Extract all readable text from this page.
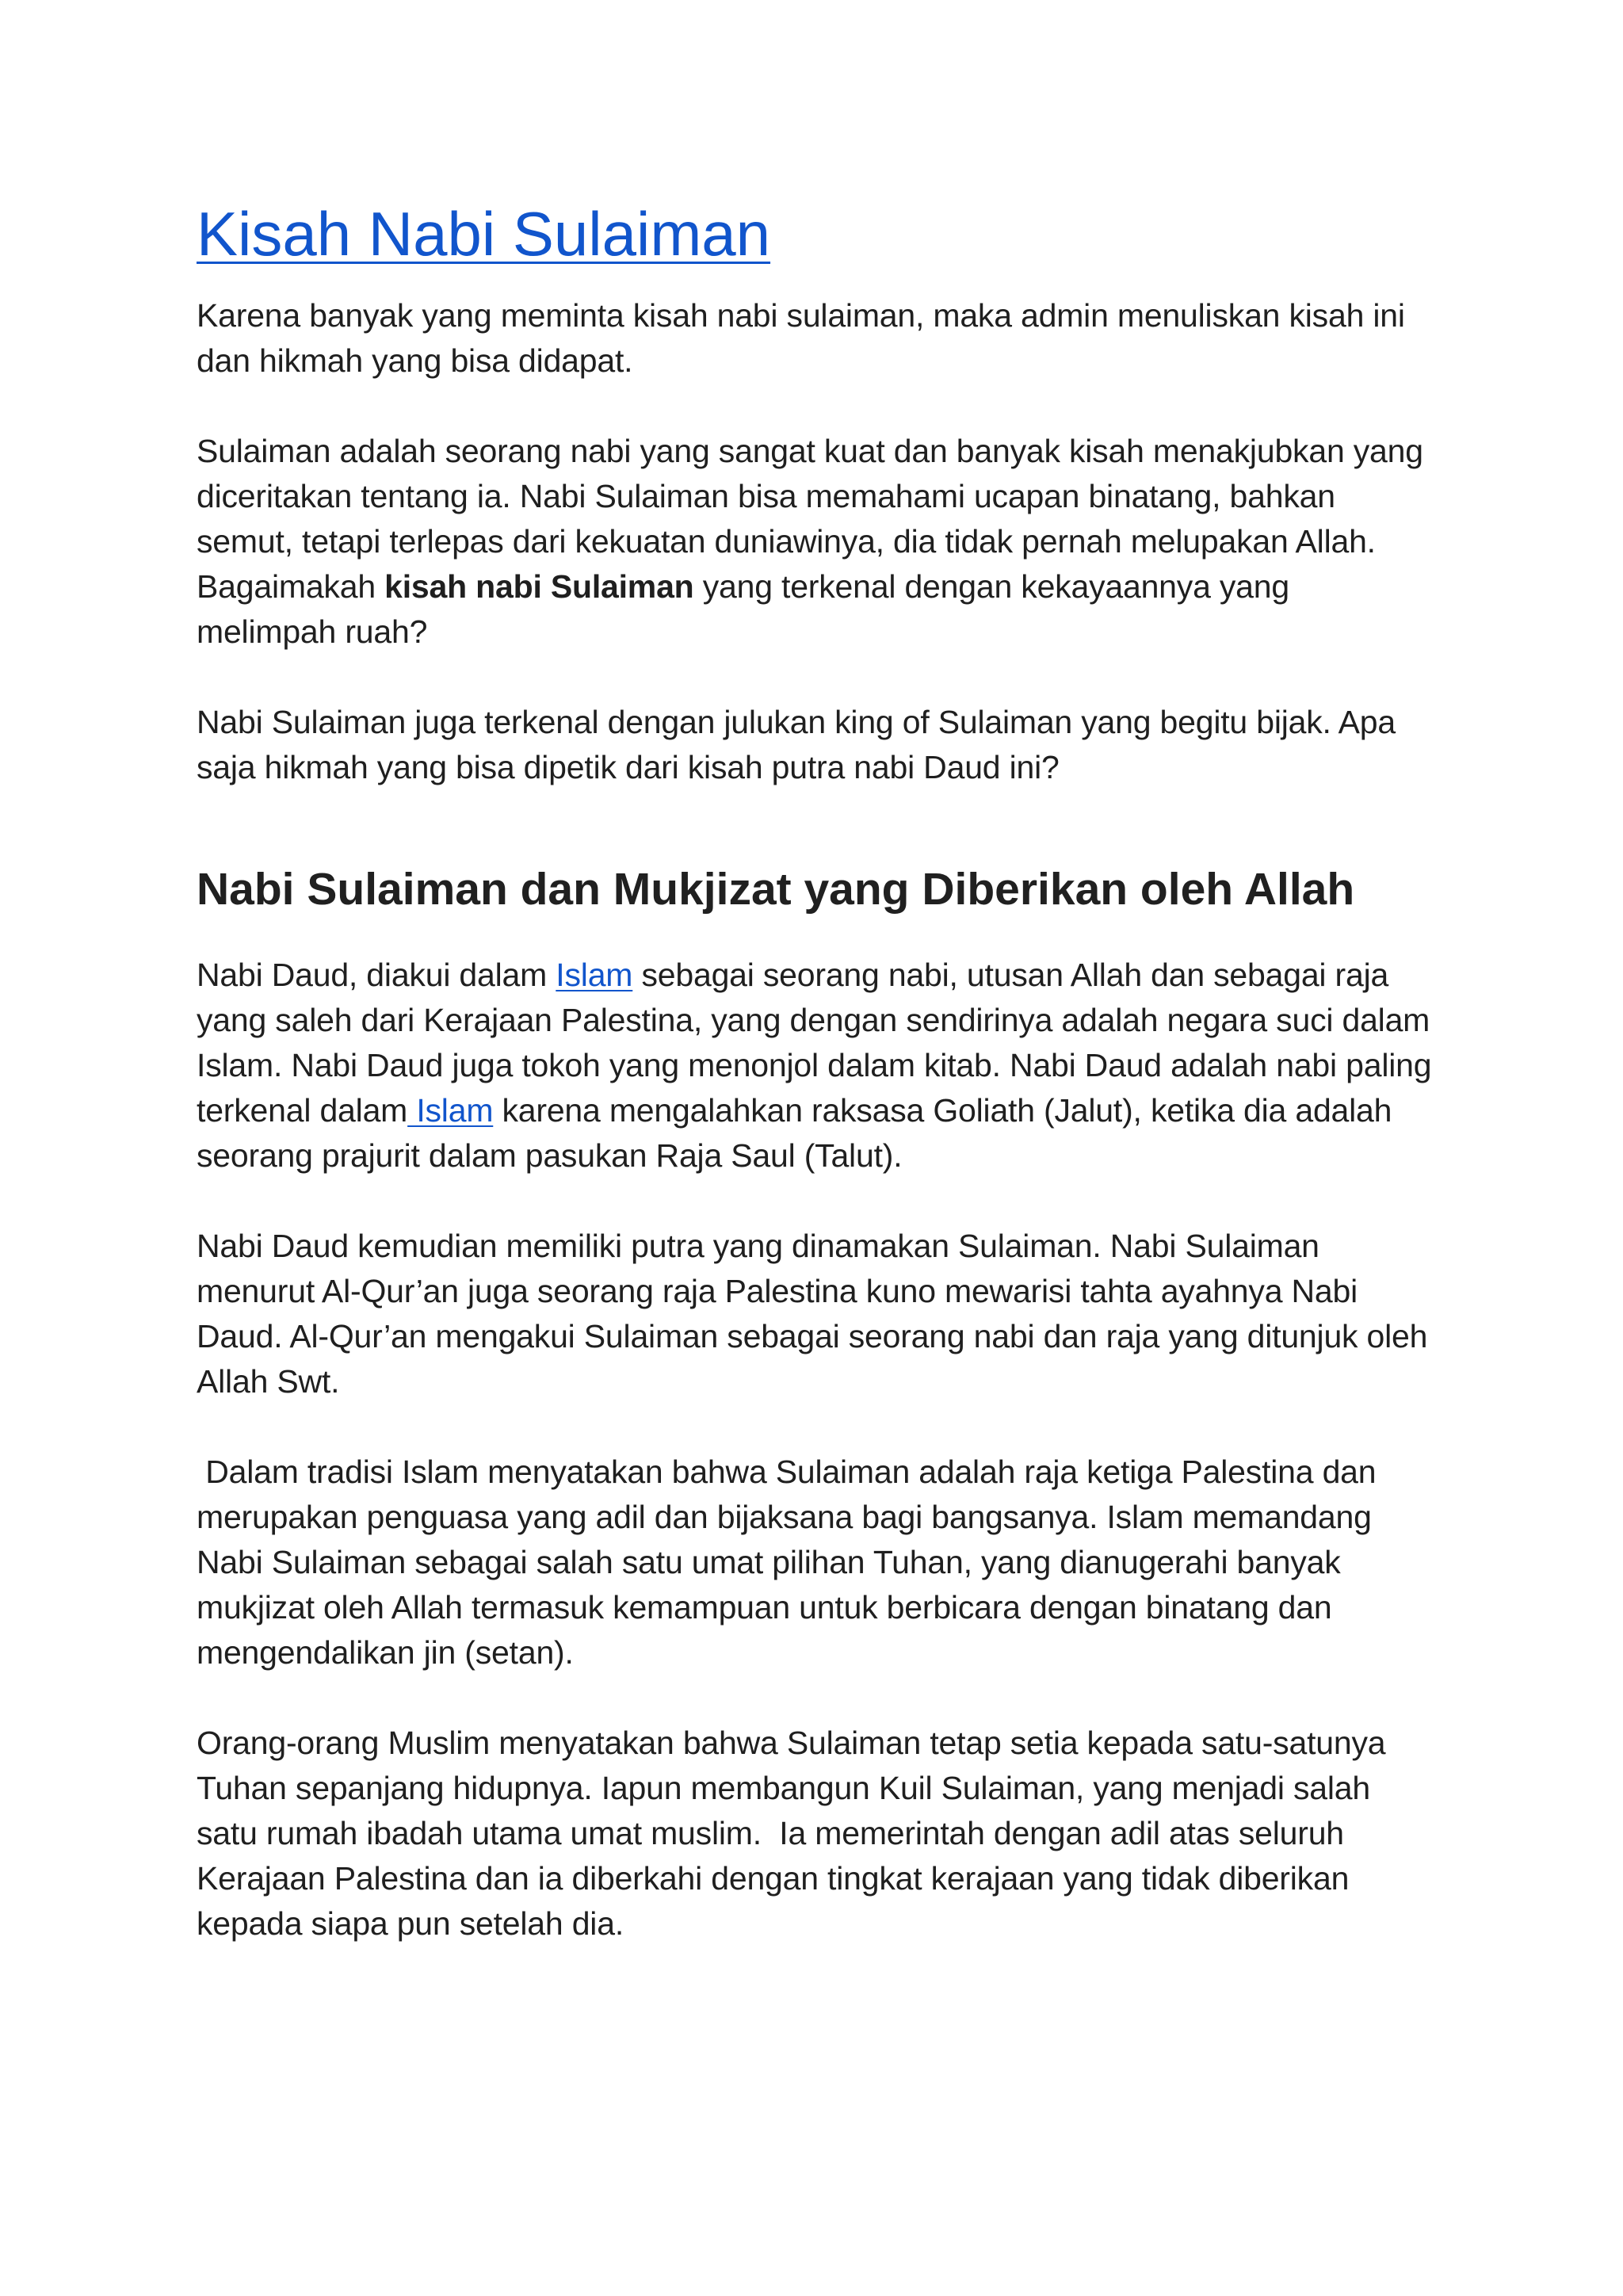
Kisah Nabi Sulaiman

Karena banyak yang meminta kisah nabi sulaiman, maka admin menuliskan kisah ini dan hikmah yang bisa didapat.

Sulaiman adalah seorang nabi yang sangat kuat dan banyak kisah menakjubkan yang diceritakan tentang ia. Nabi Sulaiman bisa memahami ucapan binatang, bahkan semut, tetapi terlepas dari kekuatan duniawinya, dia tidak pernah melupakan Allah. Bagaimakah kisah nabi Sulaiman yang terkenal dengan kekayaannya yang melimpah ruah?

Nabi Sulaiman juga terkenal dengan julukan king of Sulaiman yang begitu bijak. Apa saja hikmah yang bisa dipetik dari kisah putra nabi Daud ini?

Nabi Sulaiman dan Mukjizat yang Diberikan oleh Allah

Nabi Daud, diakui dalam Islam sebagai seorang nabi, utusan Allah dan sebagai raja yang saleh dari Kerajaan Palestina, yang dengan sendirinya adalah negara suci dalam Islam. Nabi Daud juga tokoh yang menonjol dalam kitab. Nabi Daud adalah nabi paling terkenal dalam Islam karena mengalahkan raksasa Goliath (Jalut), ketika dia adalah seorang prajurit dalam pasukan Raja Saul (Talut).

Nabi Daud kemudian memiliki putra yang dinamakan Sulaiman. Nabi Sulaiman menurut Al-Qur’an juga seorang raja Palestina kuno mewarisi tahta ayahnya Nabi Daud. Al-Qur’an mengakui Sulaiman sebagai seorang nabi dan raja yang ditunjuk oleh Allah Swt.

Dalam tradisi Islam menyatakan bahwa Sulaiman adalah raja ketiga Palestina dan merupakan penguasa yang adil dan bijaksana bagi bangsanya. Islam memandang Nabi Sulaiman sebagai salah satu umat pilihan Tuhan, yang dianugerahi banyak mukjizat oleh Allah termasuk kemampuan untuk berbicara dengan binatang dan mengendalikan jin (setan).

Orang-orang Muslim menyatakan bahwa Sulaiman tetap setia kepada satu-satunya Tuhan sepanjang hidupnya. Iapun membangun Kuil Sulaiman, yang menjadi salah satu rumah ibadah utama umat muslim.  Ia memerintah dengan adil atas seluruh Kerajaan Palestina dan ia diberkahi dengan tingkat kerajaan yang tidak diberikan kepada siapa pun setelah dia.
